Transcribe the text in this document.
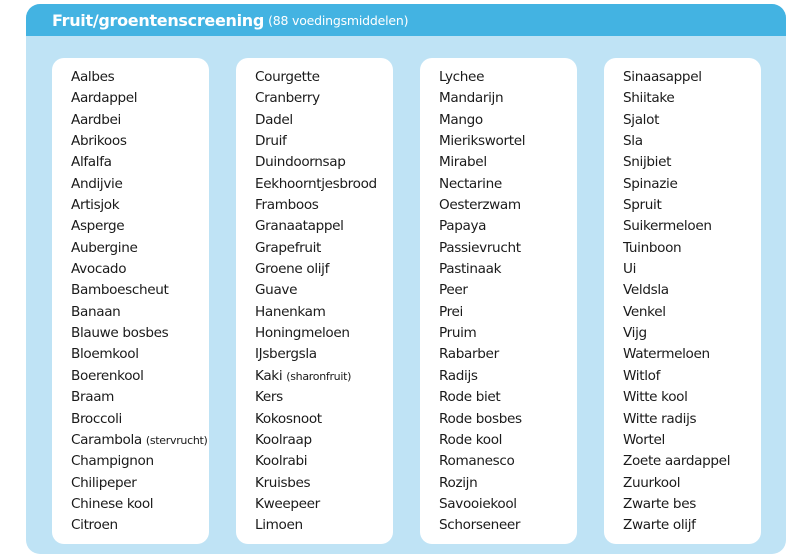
Fruit/groentenscreening (88 voedingsmiddelen)
Aalbes
Aardappel
Aardbei
Abrikoos
Alfalfa
Andijvie
Artisjok
Asperge
Aubergine
Avocado
Bamboescheut
Banaan
Blauwe bosbes
Bloemkool
Boerenkool
Braam
Broccoli
Carambola (stervrucht)
Champignon
Chilipeper
Chinese kool
Citroen
Courgette
Cranberry
Dadel
Druif
Duindoornsap
Eekhoorntjesbrood
Framboos
Granaatappel
Grapefruit
Groene olijf
Guave
Hanenkam
Honingmeloen
IJsbergsla
Kaki (sharonfruit)
Kers
Kokosnoot
Koolraap
Koolrabi
Kruisbes
Kweepeer
Limoen
Lychee
Mandarijn
Mango
Mierikswortel
Mirabel
Nectarine
Oesterzwam
Papaya
Passievrucht
Pastinaak
Peer
Prei
Pruim
Rabarber
Radijs
Rode biet
Rode bosbes
Rode kool
Romanesco
Rozijn
Savooiekool
Schorseneer
Sinaasappel
Shiitake
Sjalot
Sla
Snijbiet
Spinazie
Spruit
Suikermeloen
Tuinboon
Ui
Veldsla
Venkel
Vijg
Watermeloen
Witlof
Witte kool
Witte radijs
Wortel
Zoete aardappel
Zuurkool
Zwarte bes
Zwarte olijf
